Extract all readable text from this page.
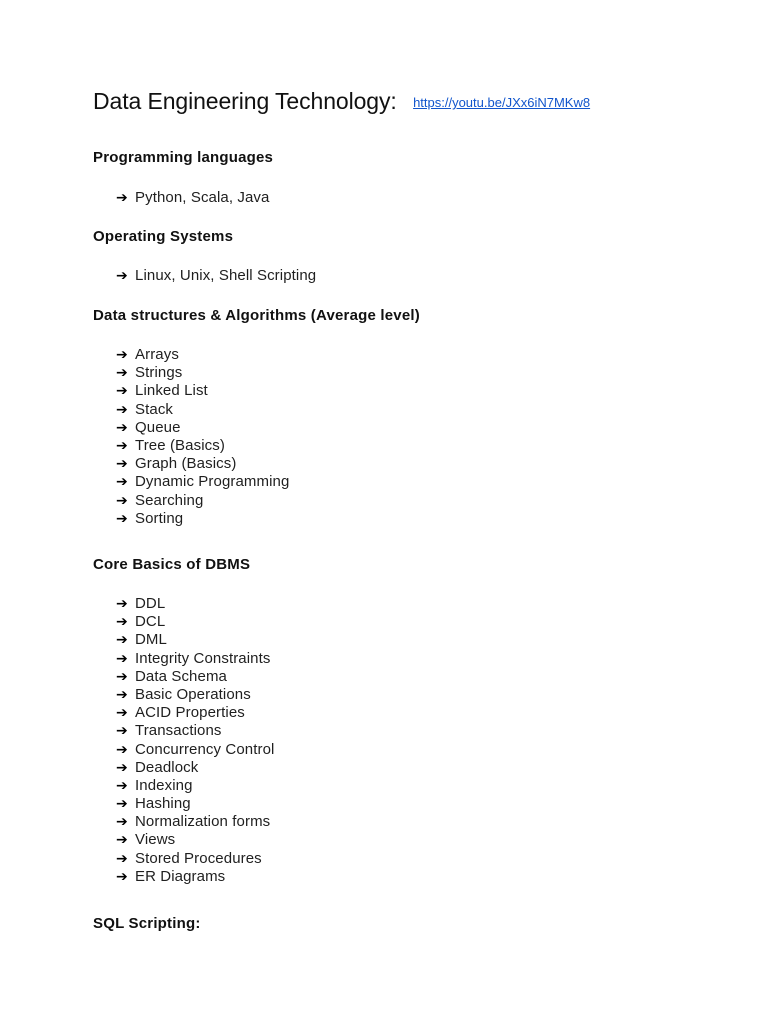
Data Engineering Technology: https://youtu.be/JXx6iN7MKw8
Programming languages
➔ Python, Scala, Java
Operating Systems
➔ Linux, Unix, Shell Scripting
Data structures & Algorithms (Average level)
➔ Arrays
➔ Strings
➔ Linked List
➔ Stack
➔ Queue
➔ Tree (Basics)
➔ Graph (Basics)
➔ Dynamic Programming
➔ Searching
➔ Sorting
Core Basics of DBMS
➔ DDL
➔ DCL
➔ DML
➔ Integrity Constraints
➔ Data Schema
➔ Basic Operations
➔ ACID Properties
➔ Transactions
➔ Concurrency Control
➔ Deadlock
➔ Indexing
➔ Hashing
➔ Normalization forms
➔ Views
➔ Stored Procedures
➔ ER Diagrams
SQL Scripting:
